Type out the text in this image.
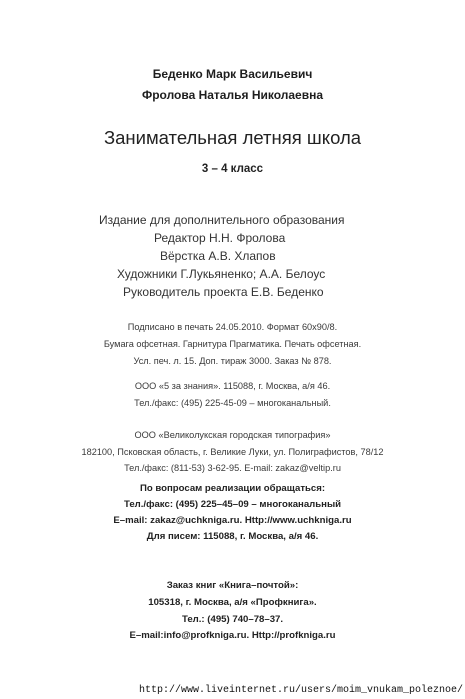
Беденко Марк Васильевич
Фролова Наталья Николаевна
Занимательная летняя школа
3 – 4 класс
Издание для дополнительного образования
Редактор Н.Н. Фролова
Вёрстка А.В. Хлапов
Художники Г.Лукьяненко; А.А. Белоус
Руководитель проекта Е.В. Беденко
Подписано в печать 24.05.2010. Формат 60х90/8.
Бумага офсетная. Гарнитура Прагматика. Печать офсетная.
Усл. печ. л. 15. Доп. тираж 3000. Заказ № 878.
ООО «5 за знания». 115088, г. Москва, а/я 46.
Тел./факс: (495) 225-45-09 – многоканальный.
ООО «Великолукская городская типография»
182100, Псковская область, г. Великие Луки, ул. Полиграфистов, 78/12
Тел./факс: (811-53) 3-62-95. E-mail: zakaz@veltip.ru
По вопросам реализации обращаться:
Тел./факс: (495) 225–45–09 – многоканальный
E–mail: zakaz@uchkniga.ru. Http://www.uchkniga.ru
Для писем: 115088, г. Москва, а/я 46.
Заказ книг «Книга–почтой»:
105318, г. Москва, а/я «Профкнига».
Тел.: (495) 740–78–37.
E–mail:info@profkniga.ru. Http://profkniga.ru
http://www.liveinternet.ru/users/moim_vnukam_poleznoe/
